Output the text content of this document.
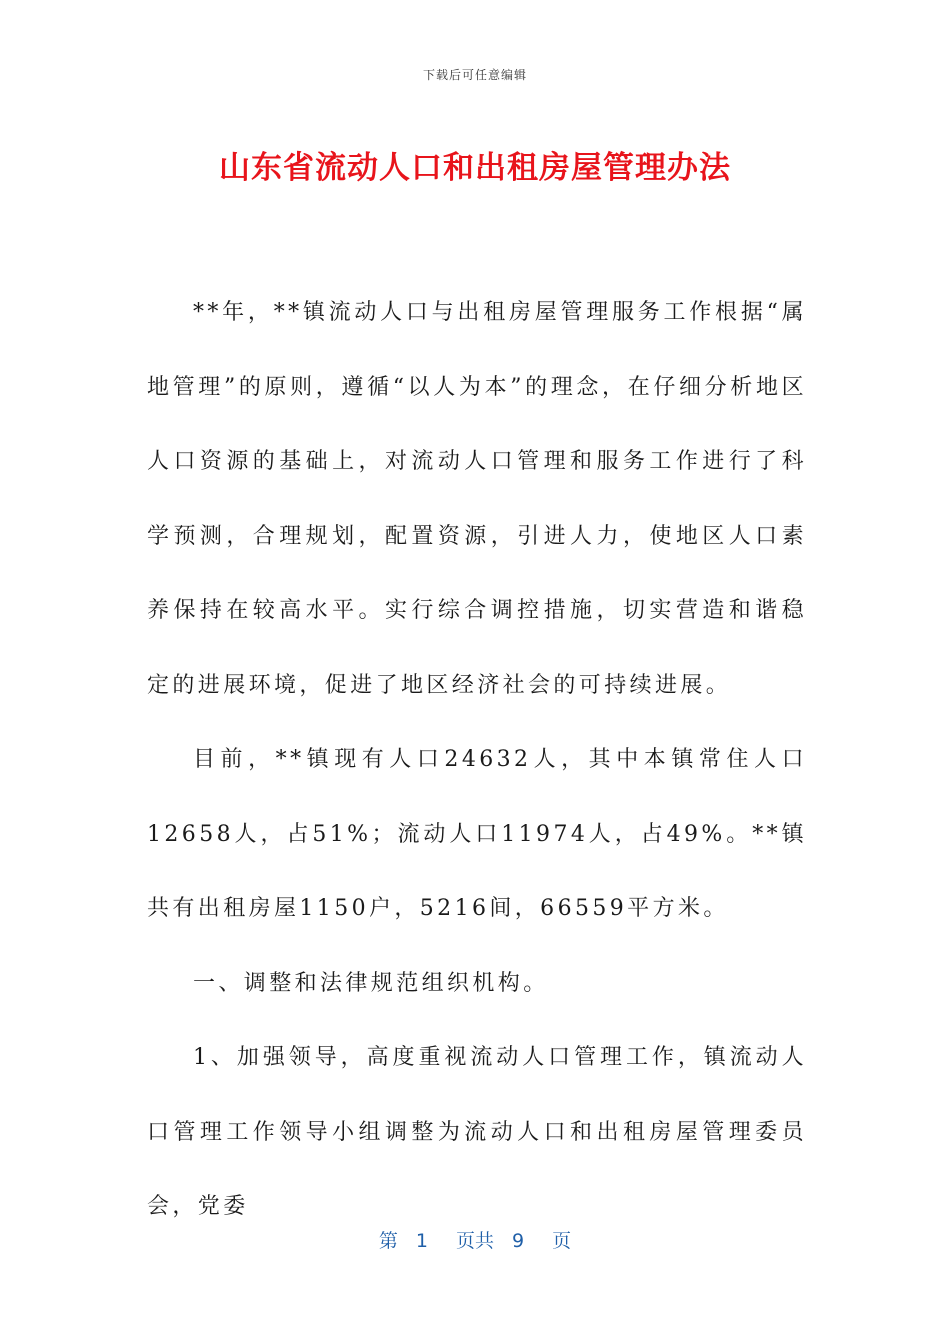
下载后可任意编辑
山东省流动人口和出租房屋管理办法

**年，**镇流动人口与出租房屋管理服务工作根据“属地管理”的原则，遵循“以人为本”的理念，在仔细分析地区人口资源的基础上，对流动人口管理和服务工作进行了科学预测，合理规划，配置资源，引进人力，使地区人口素养保持在较高水平。实行综合调控措施，切实营造和谐稳定的进展环境，促进了地区经济社会的可持续进展。

目前，**镇现有人口24632人，其中本镇常住人口12658人，占51%；流动人口11974人，占49%。**镇共有出租房屋1150户，5216间，66559平方米。

一、调整和法律规范组织机构。

1、加强领导，高度重视流动人口管理工作，镇流动人口管理工作领导小组调整为流动人口和出租房屋管理委员会，党委

第 1 页共 9 页
